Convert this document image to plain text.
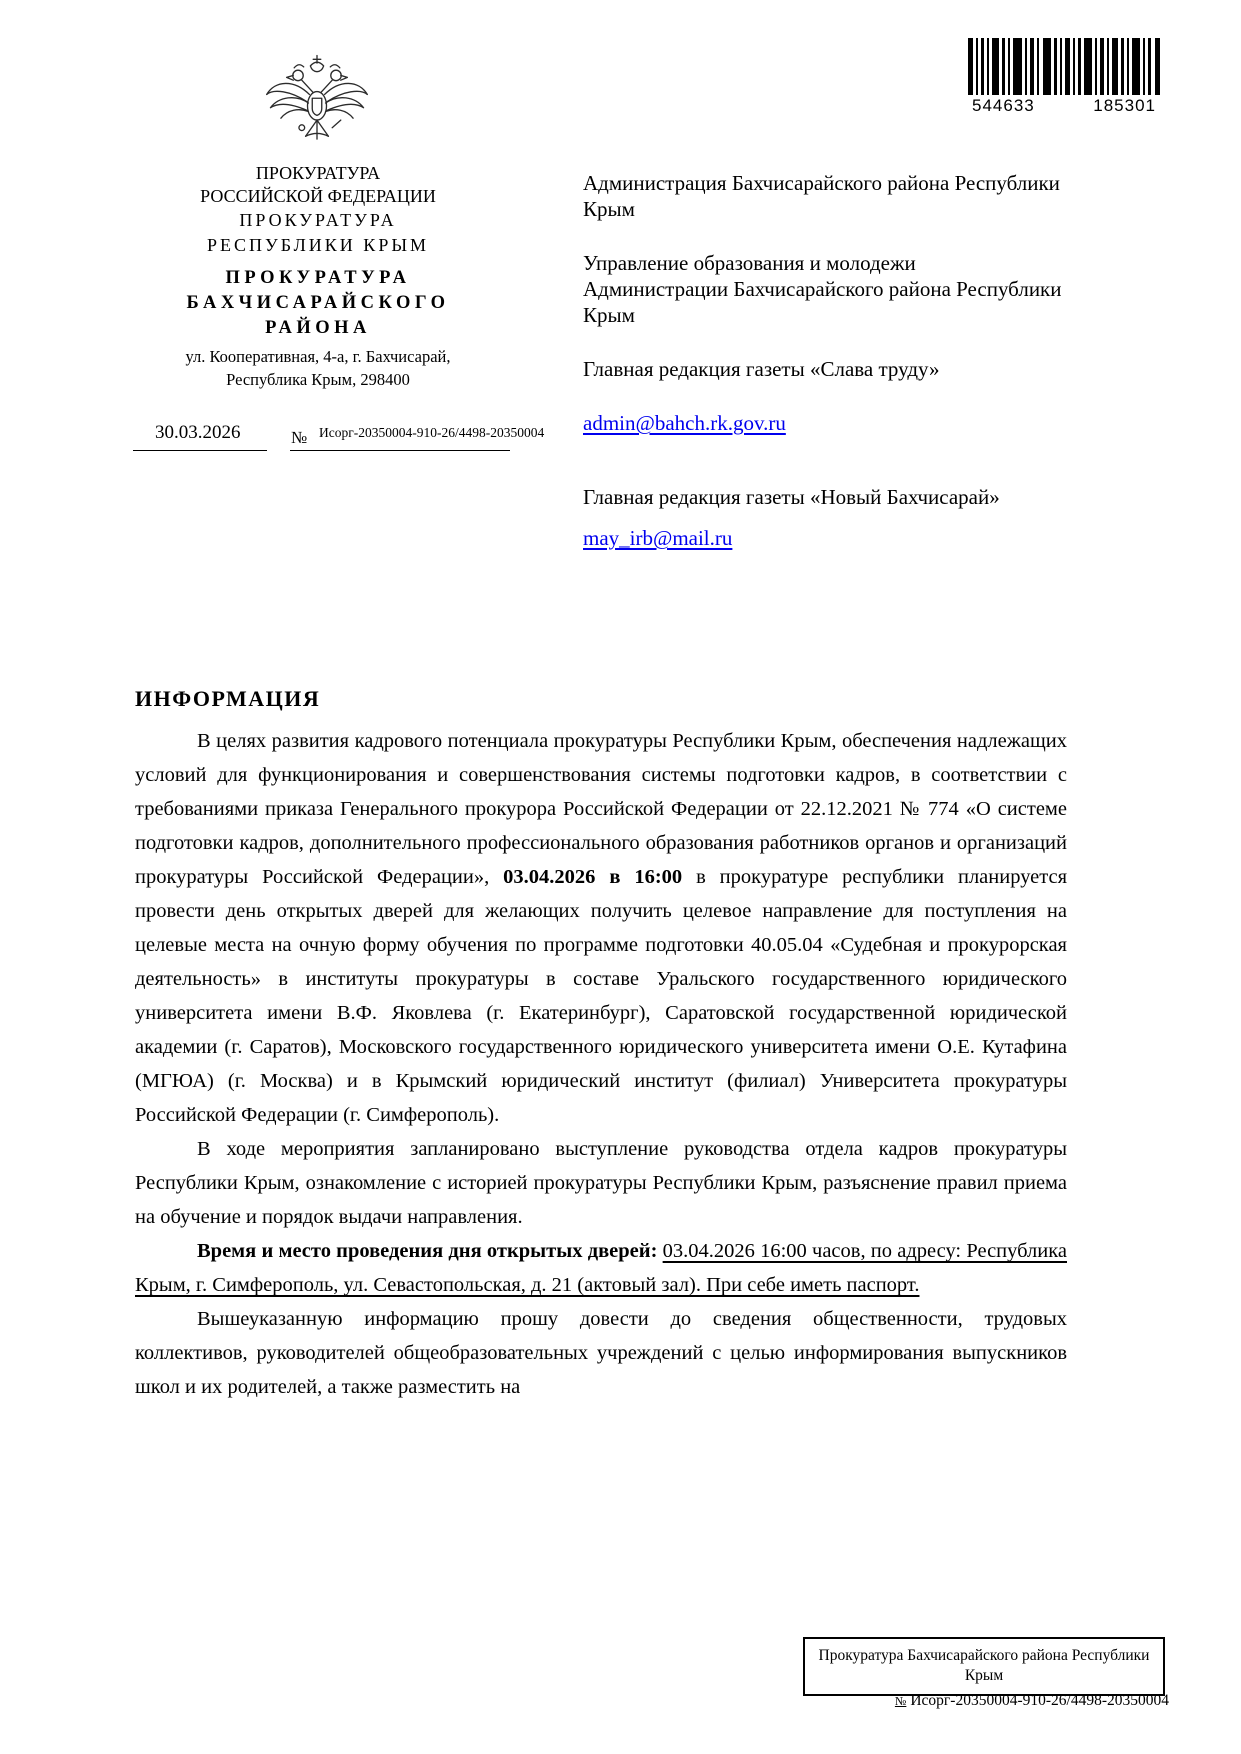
544633	185301
ПРОКУРАТУРА
РОССИЙСКОЙ ФЕДЕРАЦИИ
ПРОКУРАТУРА
РЕСПУБЛИКИ КРЫМ
ПРОКУРАТУРА
БАХЧИСАРАЙСКОГО
РАЙОНА
ул. Кооперативная, 4-а, г. Бахчисарай,
Республика Крым, 298400
30.03.2026	№ Исорг-20350004-910-26/4498-20350004

Администрация Бахчисарайского района Республики Крым

Управление образования и молодежи Администрации Бахчисарайского района Республики Крым

Главная редакция газеты «Слава труду»

admin@bahch.rk.gov.ru

Главная редакция газеты «Новый Бахчисарай»

may_irb@mail.ru

ИНФОРМАЦИЯ

В целях развития кадрового потенциала прокуратуры Республики Крым, обеспечения надлежащих условий для функционирования и совершенствования системы подготовки кадров, в соответствии с требованиями приказа Генерального прокурора Российской Федерации от 22.12.2021 № 774 «О системе подготовки кадров, дополнительного профессионального образования работников органов и организаций прокуратуры Российской Федерации», 03.04.2026 в 16:00 в прокуратуре республики планируется провести день открытых дверей для желающих получить целевое направление для поступления на целевые места на очную форму обучения по программе подготовки 40.05.04 «Судебная и прокурорская деятельность» в институты прокуратуры в составе Уральского государственного юридического университета имени В.Ф. Яковлева (г. Екатеринбург), Саратовской государственной юридической академии (г. Саратов), Московского государственного юридического университета имени О.Е. Кутафина (МГЮА) (г. Москва) и в Крымский юридический институт (филиал) Университета прокуратуры Российской Федерации (г. Симферополь).

В ходе мероприятия запланировано выступление руководства отдела кадров прокуратуры Республики Крым, ознакомление с историей прокуратуры Республики Крым, разъяснение правил приема на обучение и порядок выдачи направления.

Время и место проведения дня открытых дверей: 03.04.2026 16:00 часов, по адресу: Республика Крым, г. Симферополь, ул. Севастопольская, д. 21 (актовый зал). При себе иметь паспорт.

Вышеуказанную информацию прошу довести до сведения общественности, трудовых коллективов, руководителей общеобразовательных учреждений с целью информирования выпускников школ и их родителей, а также разместить на

Прокуратура Бахчисарайского района Республики Крым
№ Исорг-20350004-910-26/4498-20350004
